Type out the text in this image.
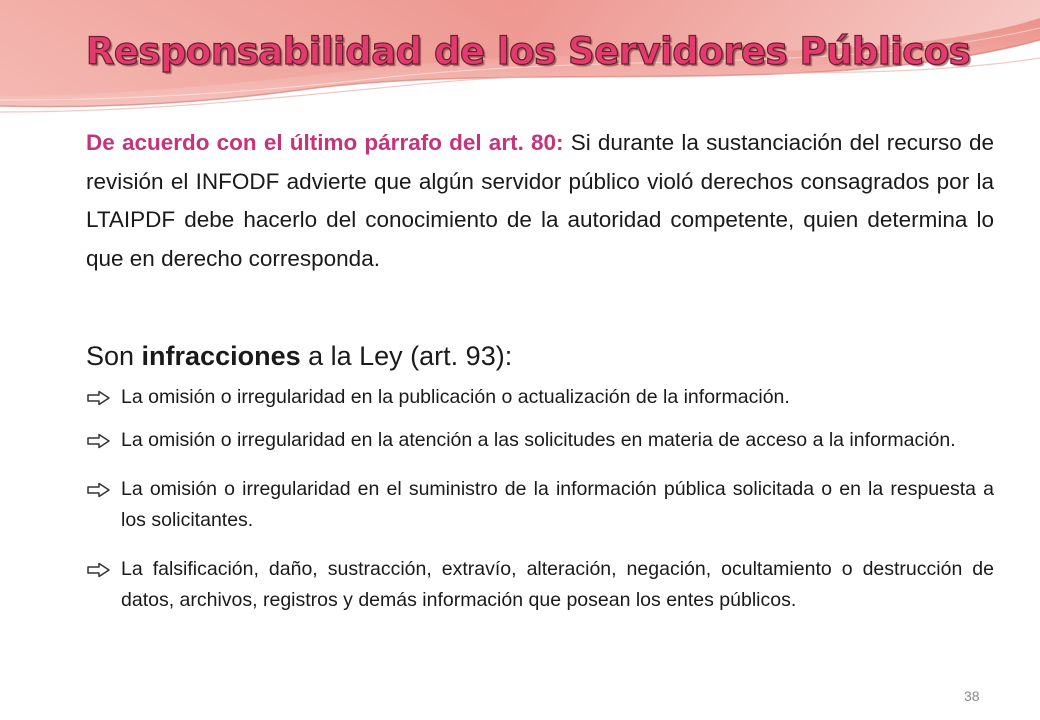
Responsabilidad de los Servidores Públicos
De acuerdo con el último párrafo del art. 80: Si durante la sustanciación del recurso de revisión el INFODF advierte que algún servidor público violó derechos consagrados por la LTAIPDF debe hacerlo del conocimiento de la autoridad competente, quien determina lo que en derecho corresponda.
Son infracciones a la Ley (art. 93):
La omisión o irregularidad en la publicación o actualización de la información.
La omisión o irregularidad en la atención a las solicitudes en materia de acceso a la información.
La omisión o irregularidad en el suministro de la información pública solicitada o en la respuesta a los solicitantes.
La falsificación, daño, sustracción, extravío, alteración, negación, ocultamiento o destrucción de datos, archivos, registros y demás información que posean los entes públicos.
38
